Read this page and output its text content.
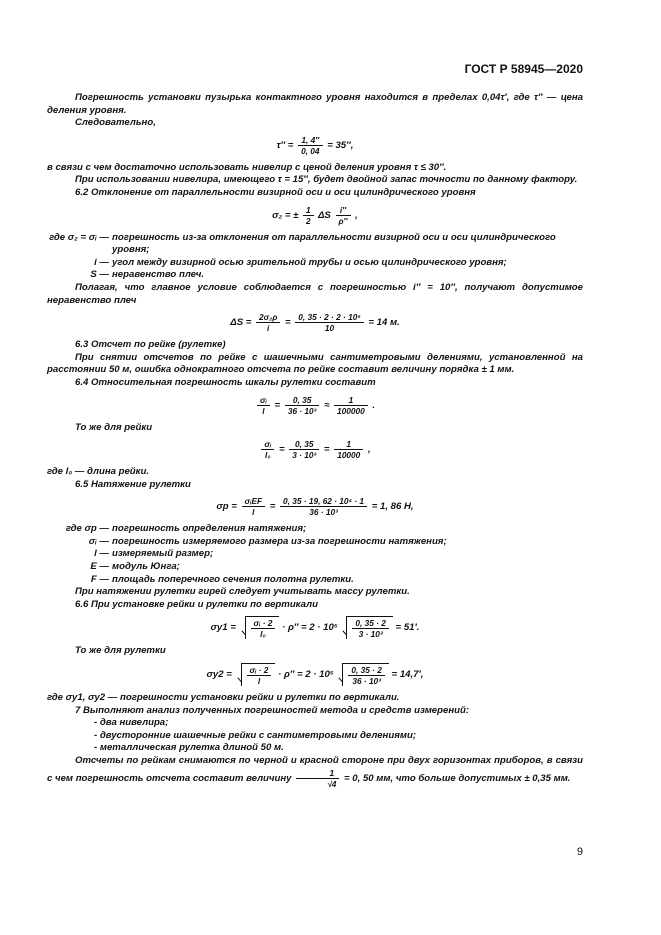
ГОСТ Р 58945—2020

Погрешность установки пузырька контактного уровня находится в пределах 0,04τ′, где τ″ — цена деления уровня.

Следовательно,

$\tau'' = \frac{1, 4''}{0, 04} = 35''$,

в связи с чем достаточно использовать нивелир с ценой деления уровня τ ≤ 30″.

При использовании нивелира, имеющего τ = 15″, будет двойной запас точности по данному фактору.

6.2 Отклонение от параллельности визирной оси и оси цилиндрического уровня

σ₂ = ± $\frac{1}{2}$ ΔS $\frac{i''}{\rho''}$ ,
где σ₂ = σᵢ — погрешность из-за отклонения от параллельности визирной оси и оси цилиндрического уровня;
i — угол между визирной осью зрительной трубы и осью цилиндрического уровня;
S — неравенство плеч.

Полагая, что главное условие соблюдается с погрешностью i″ = 10″, получают допустимое неравенство плеч

$\Delta S = \frac{\text{2σ₂ρ}}{i} = \frac{\text{0, 35 · 2 · 2 · 10⁵}}{10} = 14$ м.

6.3 Отсчет по рейке (рулетке)

При снятии отсчетов по рейке с шашечными сантиметровыми делениями, установленной на расстоянии 50 м, ошибка однократного отсчета по рейке составит величину порядка ± 1 мм.

6.4 Относительная погрешность шкалы рулетки составит

$\frac{\text{σᵢ}}{l} = \frac{0, 35}{\text{36 · 10³}} \approx \frac{1}{100000}$ .

То же для рейки

$\frac{\text{σᵢ}}{\text{l₀}} = \frac{0, 35}{\text{3 · 10³}} = \frac{1}{10000}$ ,

где l₀ — длина рейки.

6.5 Натяжение рулетки

$\sigma p = \frac{\text{σᵢEF}}{l} = \frac{\text{0, 35 · 19, 62 · 10⁴ · 1}}{\text{36 · 10³}} = 1$, 86 Н,
где σp — погрешность определения натяжения;
σᵢ — погрешность измеряемого размера из-за погрешности натяжения;
l — измеряемый размер;
E — модуль Юнга;
F — площадь поперечного сечения полотна рулетки.

При натяжении рулетки гирей следует учитывать массу рулетки.

6.6 При установке рейки и рулетки по вертикали

$\sigma y1 = \frac{\text{σᵢ · 2}}{\text{l₀}} \cdot \rho'' = 2 \cdot 10^5 \frac{0, 35 \cdot 2}{\text{3 · 10³}} = 51'$.

То же для рулетки

$\sigma y2 = \frac{\text{σᵢ · 2}}{l} \cdot \rho'' = 2 \cdot 10^5 \frac{0, 35 \cdot 2}{\text{36 · 10³}} = 14,7'$,

где σy1, σy2 — погрешности установки рейки и рулетки по вертикали.

7 Выполняют анализ полученных погрешностей метода и средств измерений:

- два нивелира;

- двусторонние шашечные рейки с сантиметровыми делениями;

- металлическая рулетка длиной 50 м.

Отсчеты по рейкам снимаются по черной и красной стороне при двух горизонтах приборов, в связи с чем погрешность отсчета составит величину $\frac{1}{√4} = 0$, 50 мм, что больше допустимых ± 0,35 мм.

9
